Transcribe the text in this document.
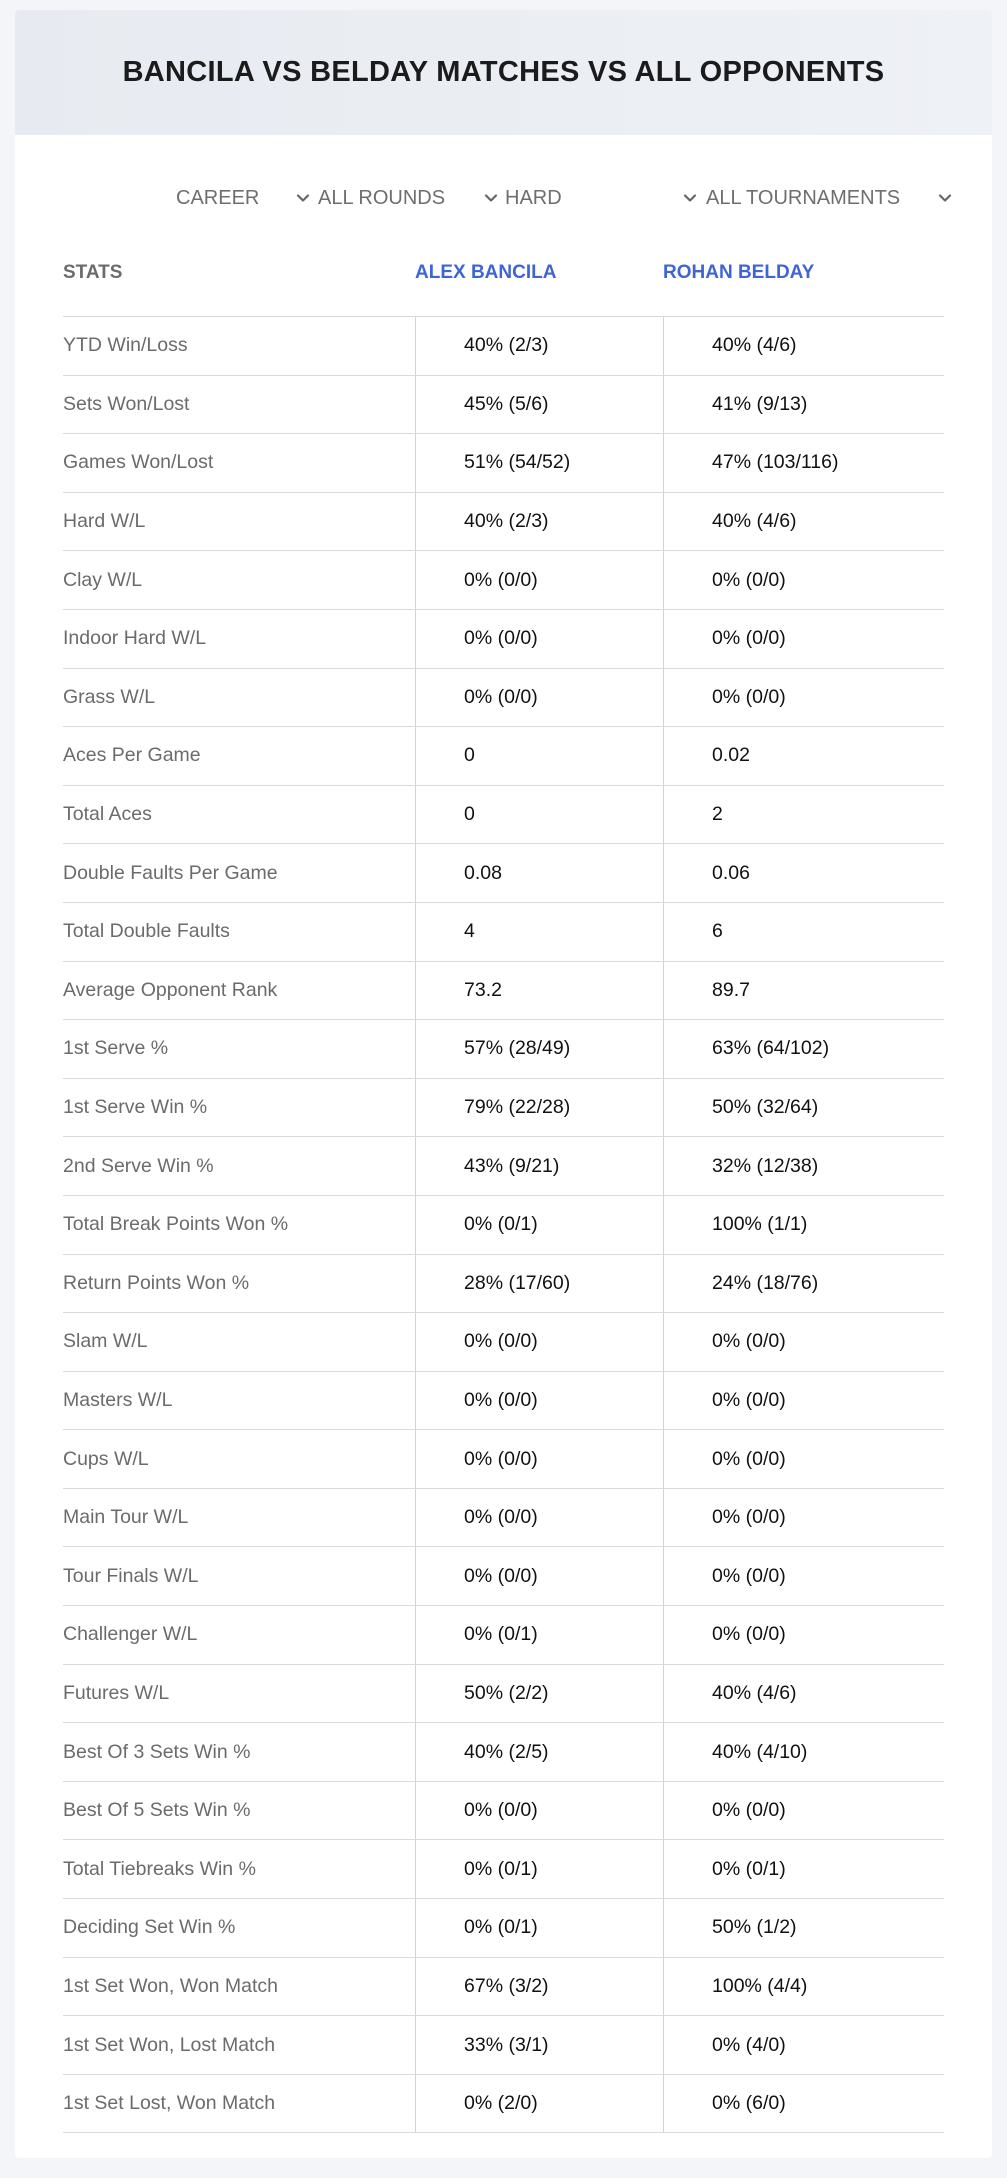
BANCILA VS BELDAY MATCHES VS ALL OPPONENTS
CAREER	ALL ROUNDS	HARD	ALL TOURNAMENTS
STATS	ALEX BANCILA	ROHAN BELDAY
YTD Win/Loss	40% (2/3)	40% (4/6)
Sets Won/Lost	45% (5/6)	41% (9/13)
Games Won/Lost	51% (54/52)	47% (103/116)
Hard W/L	40% (2/3)	40% (4/6)
Clay W/L	0% (0/0)	0% (0/0)
Indoor Hard W/L	0% (0/0)	0% (0/0)
Grass W/L	0% (0/0)	0% (0/0)
Aces Per Game	0	0.02
Total Aces	0	2
Double Faults Per Game	0.08	0.06
Total Double Faults	4	6
Average Opponent Rank	73.2	89.7
1st Serve %	57% (28/49)	63% (64/102)
1st Serve Win %	79% (22/28)	50% (32/64)
2nd Serve Win %	43% (9/21)	32% (12/38)
Total Break Points Won %	0% (0/1)	100% (1/1)
Return Points Won %	28% (17/60)	24% (18/76)
Slam W/L	0% (0/0)	0% (0/0)
Masters W/L	0% (0/0)	0% (0/0)
Cups W/L	0% (0/0)	0% (0/0)
Main Tour W/L	0% (0/0)	0% (0/0)
Tour Finals W/L	0% (0/0)	0% (0/0)
Challenger W/L	0% (0/1)	0% (0/0)
Futures W/L	50% (2/2)	40% (4/6)
Best Of 3 Sets Win %	40% (2/5)	40% (4/10)
Best Of 5 Sets Win %	0% (0/0)	0% (0/0)
Total Tiebreaks Win %	0% (0/1)	0% (0/1)
Deciding Set Win %	0% (0/1)	50% (1/2)
1st Set Won, Won Match	67% (3/2)	100% (4/4)
1st Set Won, Lost Match	33% (3/1)	0% (4/0)
1st Set Lost, Won Match	0% (2/0)	0% (6/0)
